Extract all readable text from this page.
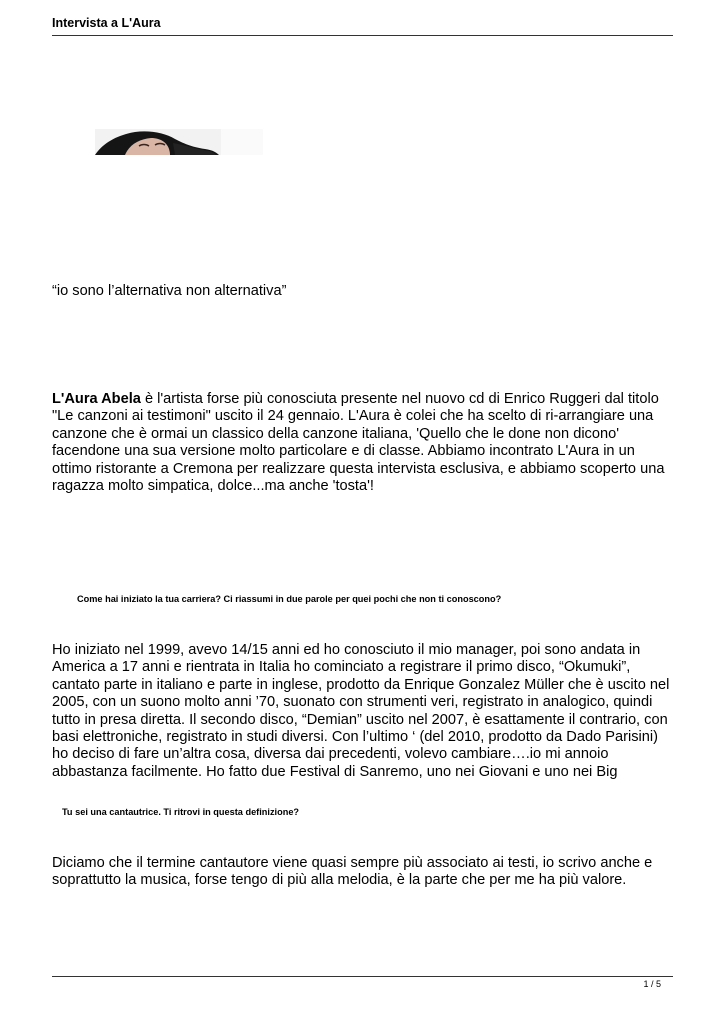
Intervista a L'Aura
“io sono l’alternativa non alternativa”

L'Aura Abela è l'artista forse più conosciuta presente nel nuovo cd di Enrico Ruggeri dal titolo "Le canzoni ai testimoni" uscito il 24 gennaio. L'Aura è colei che ha scelto di ri-arrangiare una canzone che è ormai un classico della canzone italiana, 'Quello che le done non dicono' facendone una sua versione molto particolare e di classe. Abbiamo incontrato L'Aura in un ottimo ristorante a Cremona per realizzare questa intervista esclusiva, e abbiamo scoperto una ragazza molto simpatica, dolce...ma anche 'tosta'!

Come hai iniziato la tua carriera? Ci riassumi in due parole per quei pochi che non ti conoscono?

Ho iniziato nel 1999, avevo 14/15 anni ed ho conosciuto il mio manager, poi sono andata in America a 17 anni e rientrata in Italia ho cominciato a registrare il primo disco, “Okumuki”, cantato parte in italiano e parte in inglese, prodotto da Enrique Gonzalez Müller che è uscito nel 2005, con un suono molto anni ’70, suonato con strumenti veri, registrato in analogico, quindi tutto in presa diretta. Il secondo disco, “Demian” uscito nel 2007, è esattamente il contrario, con basi elettroniche, registrato in studi diversi. Con l’ultimo ‘ (del 2010, prodotto da Dado Parisini) ho deciso di fare un’altra cosa, diversa dai precedenti, volevo cambiare….io mi annoio abbastanza facilmente. Ho fatto due Festival di Sanremo, uno nei Giovani e uno nei Big

Tu sei una cantautrice. Ti ritrovi in questa definizione?

Diciamo che il termine cantautore viene quasi sempre più associato ai testi, io scrivo anche e soprattutto la musica, forse tengo di più alla melodia, è la parte che per me ha più valore.

1 / 5
